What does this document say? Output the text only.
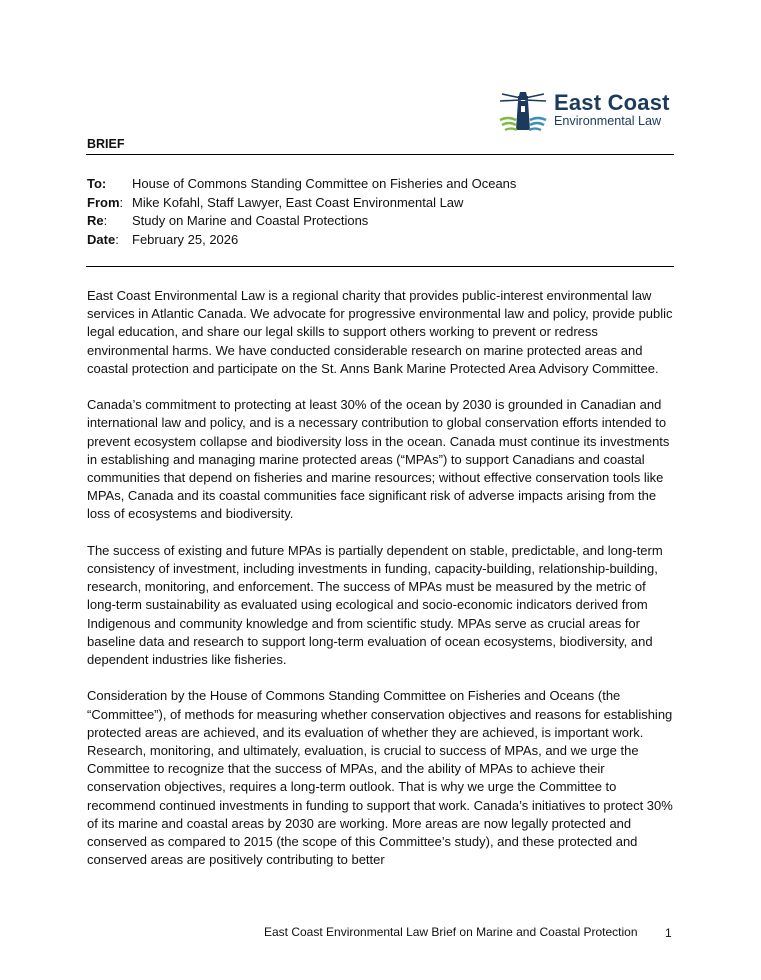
East Coast
Environmental Law
BRIEF
To:	House of Commons Standing Committee on Fisheries and Oceans
From: Mike Kofahl, Staff Lawyer, East Coast Environmental Law
Re:	Study on Marine and Coastal Protections
Date:	February 25, 2026

East Coast Environmental Law is a regional charity that provides public-interest environmental law services in Atlantic Canada. We advocate for progressive environmental law and policy, provide public legal education, and share our legal skills to support others working to prevent or redress environmental harms. We have conducted considerable research on marine protected areas and coastal protection and participate on the St. Anns Bank Marine Protected Area Advisory Committee.

Canada’s commitment to protecting at least 30% of the ocean by 2030 is grounded in Canadian and international law and policy, and is a necessary contribution to global conservation efforts intended to prevent ecosystem collapse and biodiversity loss in the ocean. Canada must continue its investments in establishing and managing marine protected areas (“MPAs”) to support Canadians and coastal communities that depend on fisheries and marine resources; without effective conservation tools like MPAs, Canada and its coastal communities face significant risk of adverse impacts arising from the loss of ecosystems and biodiversity.

The success of existing and future MPAs is partially dependent on stable, predictable, and long-term consistency of investment, including investments in funding, capacity-building, relationship-building, research, monitoring, and enforcement. The success of MPAs must be measured by the metric of long-term sustainability as evaluated using ecological and socio-economic indicators derived from Indigenous and community knowledge and from scientific study. MPAs serve as crucial areas for baseline data and research to support long-term evaluation of ocean ecosystems, biodiversity, and dependent industries like fisheries.

Consideration by the House of Commons Standing Committee on Fisheries and Oceans (the “Committee”), of methods for measuring whether conservation objectives and reasons for establishing protected areas are achieved, and its evaluation of whether they are achieved, is important work. Research, monitoring, and ultimately, evaluation, is crucial to success of MPAs, and we urge the Committee to recognize that the success of MPAs, and the ability of MPAs to achieve their conservation objectives, requires a long-term outlook. That is why we urge the Committee to recommend continued investments in funding to support that work. Canada’s initiatives to protect 30% of its marine and coastal areas by 2030 are working. More areas are now legally protected and conserved as compared to 2015 (the scope of this Committee’s study), and these protected and conserved areas are positively contributing to better

East Coast Environmental Law Brief on Marine and Coastal Protection 1
